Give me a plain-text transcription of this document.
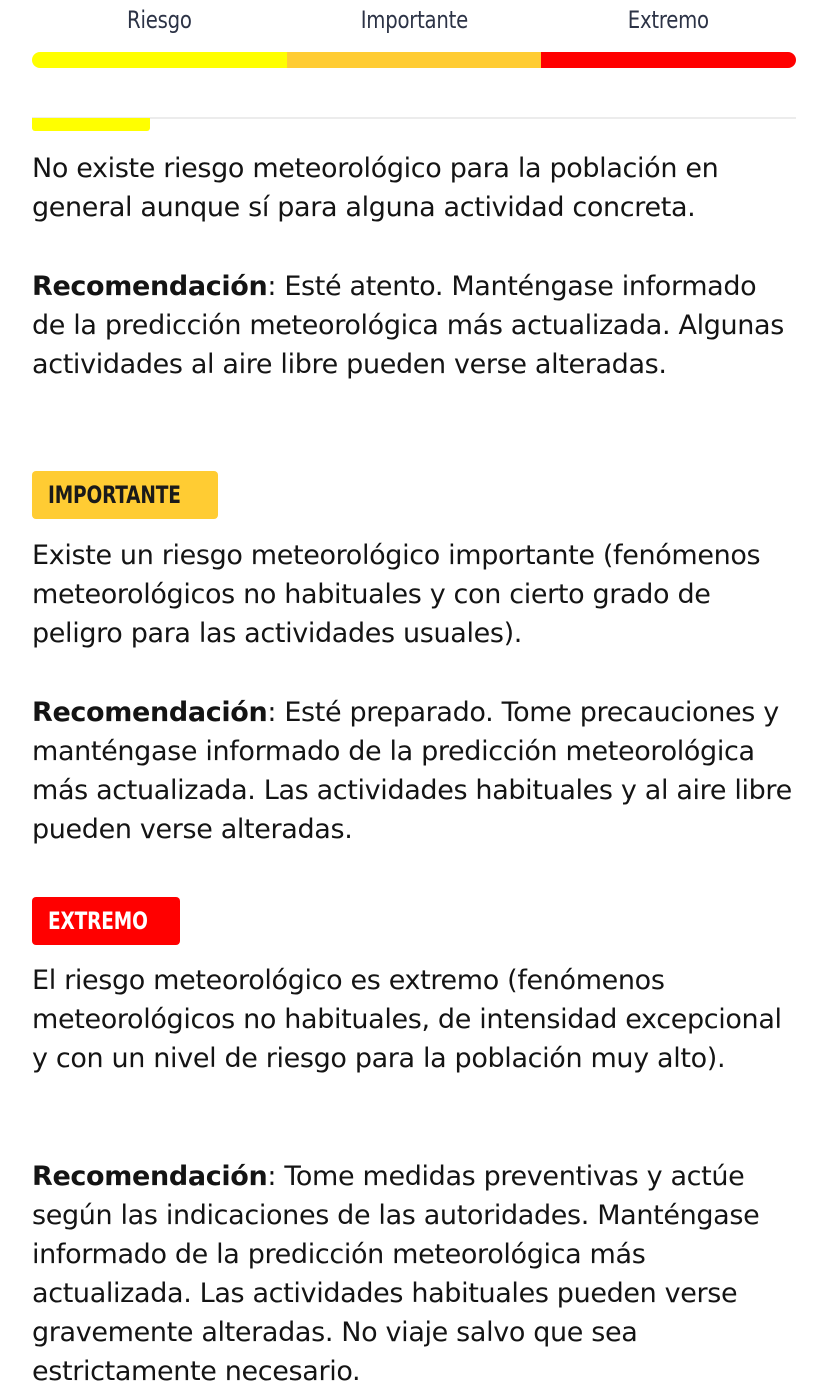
Riesgo	Importante	Extremo

No existe riesgo meteorológico para la población en general aunque sí para alguna actividad concreta.

Recomendación: Esté atento. Manténgase informado de la predicción meteorológica más actualizada. Algunas actividades al aire libre pueden verse alteradas.

IMPORTANTE

Existe un riesgo meteorológico importante (fenómenos meteorológicos no habituales y con cierto grado de peligro para las actividades usuales).

Recomendación: Esté preparado. Tome precauciones y manténgase informado de la predicción meteorológica más actualizada. Las actividades habituales y al aire libre pueden verse alteradas.

EXTREMO

El riesgo meteorológico es extremo (fenómenos meteorológicos no habituales, de intensidad excepcional y con un nivel de riesgo para la población muy alto).

Recomendación: Tome medidas preventivas y actúe según las indicaciones de las autoridades. Manténgase informado de la predicción meteorológica más actualizada. Las actividades habituales pueden verse gravemente alteradas. No viaje salvo que sea estrictamente necesario.
